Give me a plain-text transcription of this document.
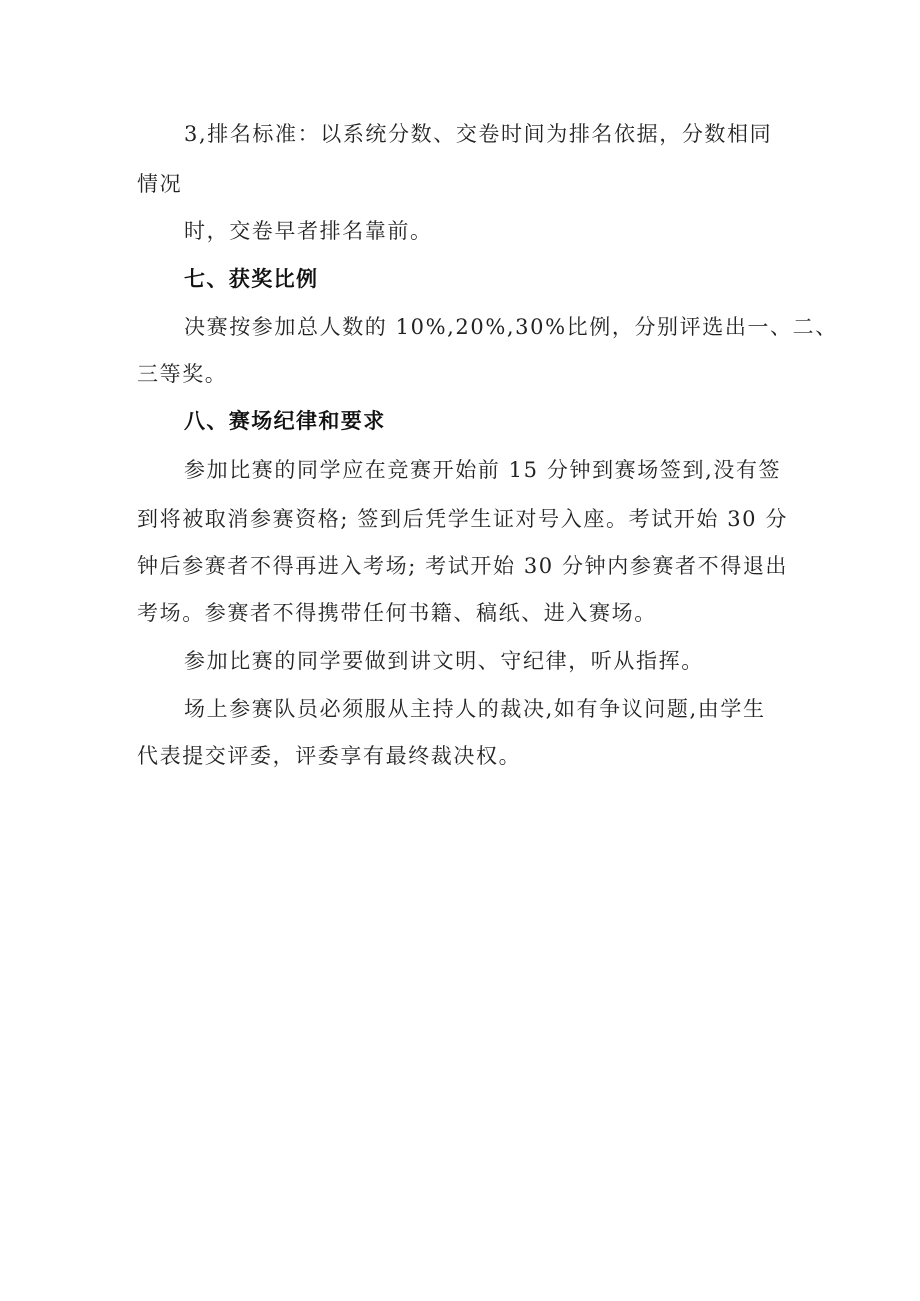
3,排名标准：以系统分数、交卷时间为排名依据，分数相同

情况

时，交卷早者排名靠前。

七、获奖比例

决赛按参加总人数的 10%,20%,30%比例，分别评选出一、二、

三等奖。

八、赛场纪律和要求

参加比赛的同学应在竞赛开始前 15 分钟到赛场签到,没有签

到将被取消参赛资格; 签到后凭学生证对号入座。考试开始 30 分

钟后参赛者不得再进入考场; 考试开始 30 分钟内参赛者不得退出

考场。参赛者不得携带任何书籍、稿纸、进入赛场。

参加比赛的同学要做到讲文明、守纪律，听从指挥。

场上参赛队员必须服从主持人的裁决,如有争议问题,由学生

代表提交评委，评委享有最终裁决权。
